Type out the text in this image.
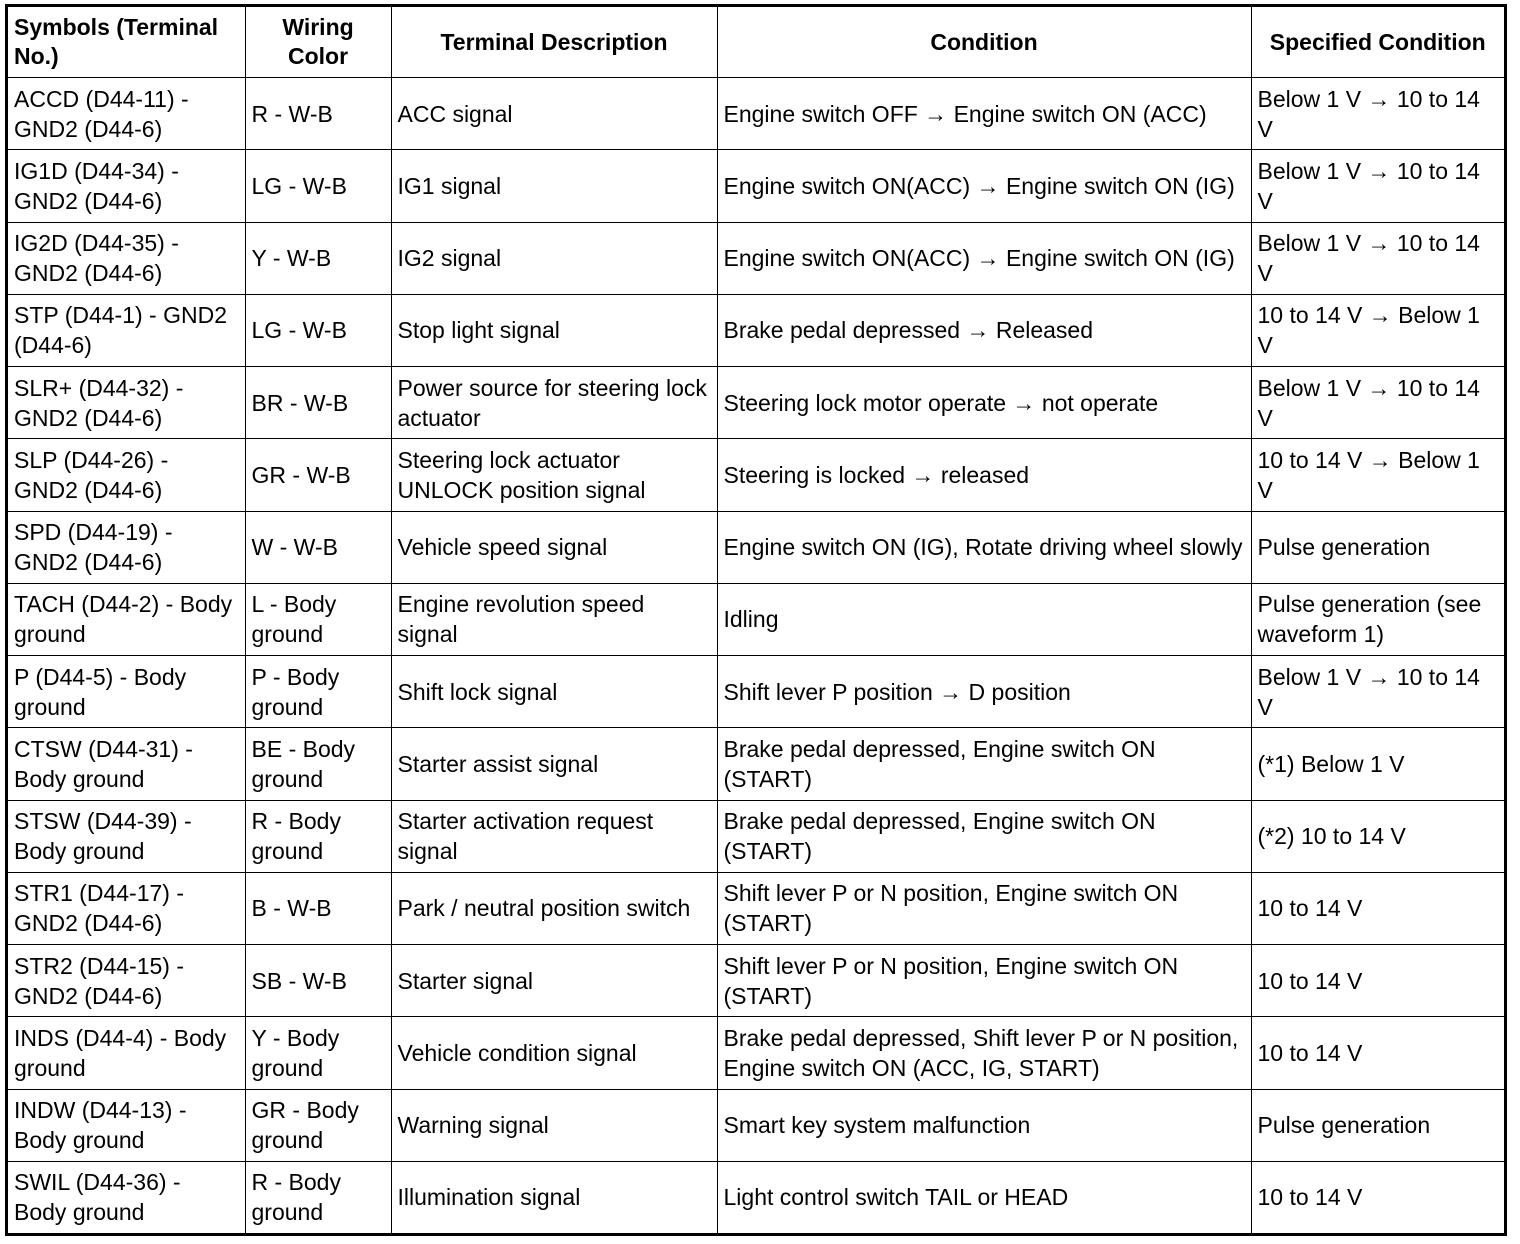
Symbols (Terminal No.)	Wiring Color	Terminal Description	Condition	Specified Condition
ACCD (D44-11) - GND2 (D44-6)	R - W-B	ACC signal	Engine switch OFF → Engine switch ON (ACC)	Below 1 V → 10 to 14 V
IG1D (D44-34) - GND2 (D44-6)	LG - W-B	IG1 signal	Engine switch ON(ACC) → Engine switch ON (IG)	Below 1 V → 10 to 14 V
IG2D (D44-35) - GND2 (D44-6)	Y - W-B	IG2 signal	Engine switch ON(ACC) → Engine switch ON (IG)	Below 1 V → 10 to 14 V
STP (D44-1) - GND2 (D44-6)	LG - W-B	Stop light signal	Brake pedal depressed → Released	10 to 14 V → Below 1 V
SLR+ (D44-32) - GND2 (D44-6)	BR - W-B	Power source for steering lock actuator	Steering lock motor operate → not operate	Below 1 V → 10 to 14 V
SLP (D44-26) - GND2 (D44-6)	GR - W-B	Steering lock actuator UNLOCK position signal	Steering is locked → released	10 to 14 V → Below 1 V
SPD (D44-19) - GND2 (D44-6)	W - W-B	Vehicle speed signal	Engine switch ON (IG), Rotate driving wheel slowly	Pulse generation
TACH (D44-2) - Body ground	L - Body ground	Engine revolution speed signal	Idling	Pulse generation (see waveform 1)
P (D44-5) - Body ground	P - Body ground	Shift lock signal	Shift lever P position → D position	Below 1 V → 10 to 14 V
CTSW (D44-31) - Body ground	BE - Body ground	Starter assist signal	Brake pedal depressed, Engine switch ON (START)	(*1) Below 1 V
STSW (D44-39) - Body ground	R - Body ground	Starter activation request signal	Brake pedal depressed, Engine switch ON (START)	(*2) 10 to 14 V
STR1 (D44-17) - GND2 (D44-6)	B - W-B	Park / neutral position switch	Shift lever P or N position, Engine switch ON (START)	10 to 14 V
STR2 (D44-15) - GND2 (D44-6)	SB - W-B	Starter signal	Shift lever P or N position, Engine switch ON (START)	10 to 14 V
INDS (D44-4) - Body ground	Y - Body ground	Vehicle condition signal	Brake pedal depressed, Shift lever P or N position, Engine switch ON (ACC, IG, START)	10 to 14 V
INDW (D44-13) - Body ground	GR - Body ground	Warning signal	Smart key system malfunction	Pulse generation
SWIL (D44-36) - Body ground	R - Body ground	Illumination signal	Light control switch TAIL or HEAD	10 to 14 V
